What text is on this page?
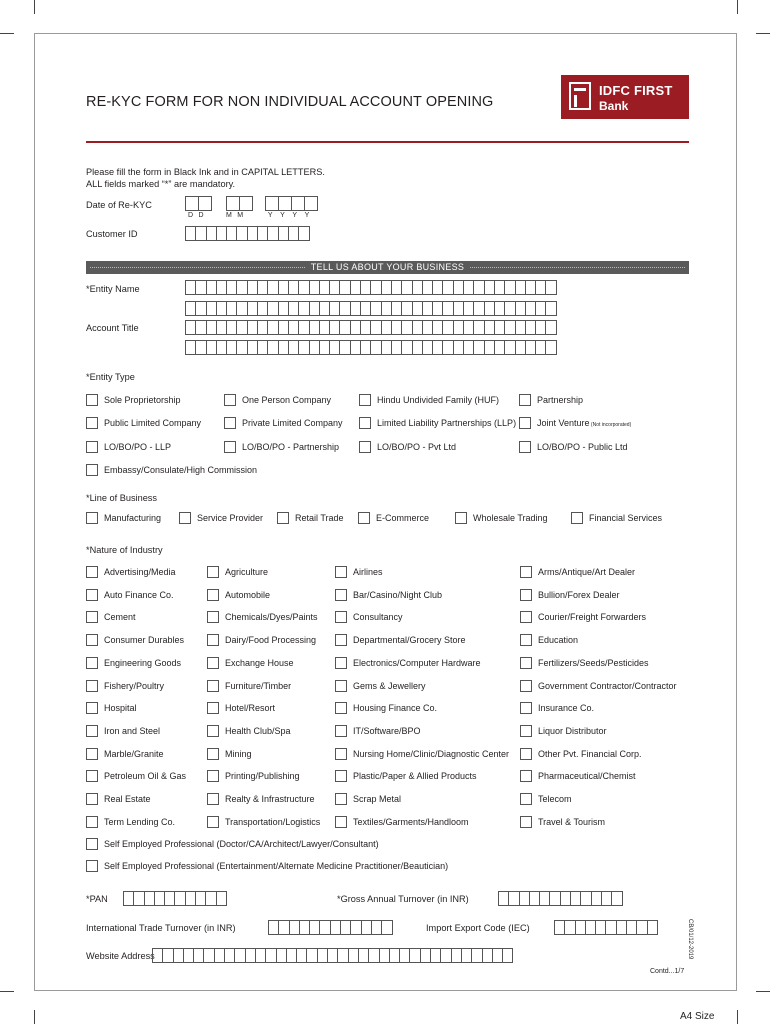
RE-KYC FORM FOR NON INDIVIDUAL ACCOUNT OPENING
IDFC FIRST
Bank
Please fill the form in Black Ink and in CAPITAL LETTERS.
ALL fields marked “*” are mandatory.
Date of Re-KYC
D  D         M  M          Y   Y   Y   Y
Customer ID
TELL US ABOUT YOUR BUSINESS
*Entity Name
Account Title
*Entity Type
*Line of Business
*Nature of Industry
Self Employed Professional (Doctor/CA/Architect/Lawyer/Consultant)
Self Employed Professional (Entertainment/Alternate Medicine Practitioner/Beautician)
*PAN	*Gross Annual Turnover (in INR)
International Trade Turnover (in INR)	Import Export Code (IEC)
Website Address	CB/01/12-2019
Contd...1/7
Sole Proprietorship	One Person Company	Hindu Undivided Family (HUF)	Partnership
Public Limited Company	Private Limited Company	Limited Liability Partnerships (LLP) Joint Venture (Not incorporated)
LO/BO/PO - LLP	LO/BO/PO - Partnership	LO/BO/PO - Pvt Ltd	LO/BO/PO - Public Ltd
Embassy/Consulate/High Commission
Manufacturing	Service Provider	Retail Trade	E-Commerce	Wholesale Trading	Financial Services
Advertising/Media	Agriculture	Airlines	Arms/Antique/Art Dealer
Auto Finance Co.	Automobile	Bar/Casino/Night Club	Bullion/Forex Dealer
Cement	Chemicals/Dyes/Paints	Consultancy	Courier/Freight Forwarders
Consumer Durables	Dairy/Food Processing	Departmental/Grocery Store	Education
Engineering Goods	Exchange House	Electronics/Computer Hardware	Fertilizers/Seeds/Pesticides
Fishery/Poultry	Furniture/Timber	Gems & Jewellery	Government Contractor/Contractor
Hospital	Hotel/Resort	Housing Finance Co.	Insurance Co.
Iron and Steel	Health Club/Spa	IT/Software/BPO	Liquor Distributor
Marble/Granite	Mining	Nursing Home/Clinic/Diagnostic Center	Other Pvt. Financial Corp.
Petroleum Oil & Gas	Printing/Publishing	Plastic/Paper & Allied Products	Pharmaceutical/Chemist
Real Estate	Realty & Infrastructure	Scrap Metal	Telecom
Term Lending Co.	Transportation/Logistics	Textiles/Garments/Handloom	Travel & Tourism
A4 Size
